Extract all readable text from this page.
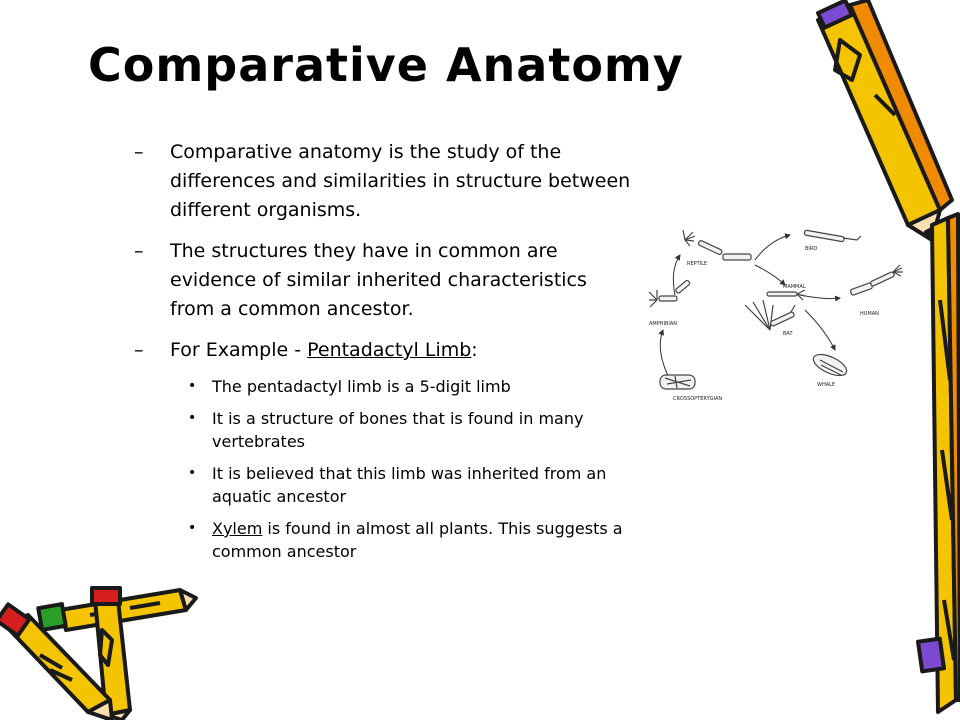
Comparative Anatomy
– Comparative anatomy is the study of the differences and similarities in structure between different organisms.
– The structures they have in common are evidence of similar inherited characteristics from a common ancestor.
– For Example - Pentadactyl Limb:
• The pentadactyl limb is a 5-digit limb
• It is a structure of bones that is found in many vertebrates
• It is believed that this limb was inherited from an aquatic ancestor
• Xylem is found in almost all plants. This suggests a common ancestor
REPTILE
BIRD
MAMMAL
HUMAN
AMPHIBIAN
BAT
WHALE
CROSSOPTERYGIAN
